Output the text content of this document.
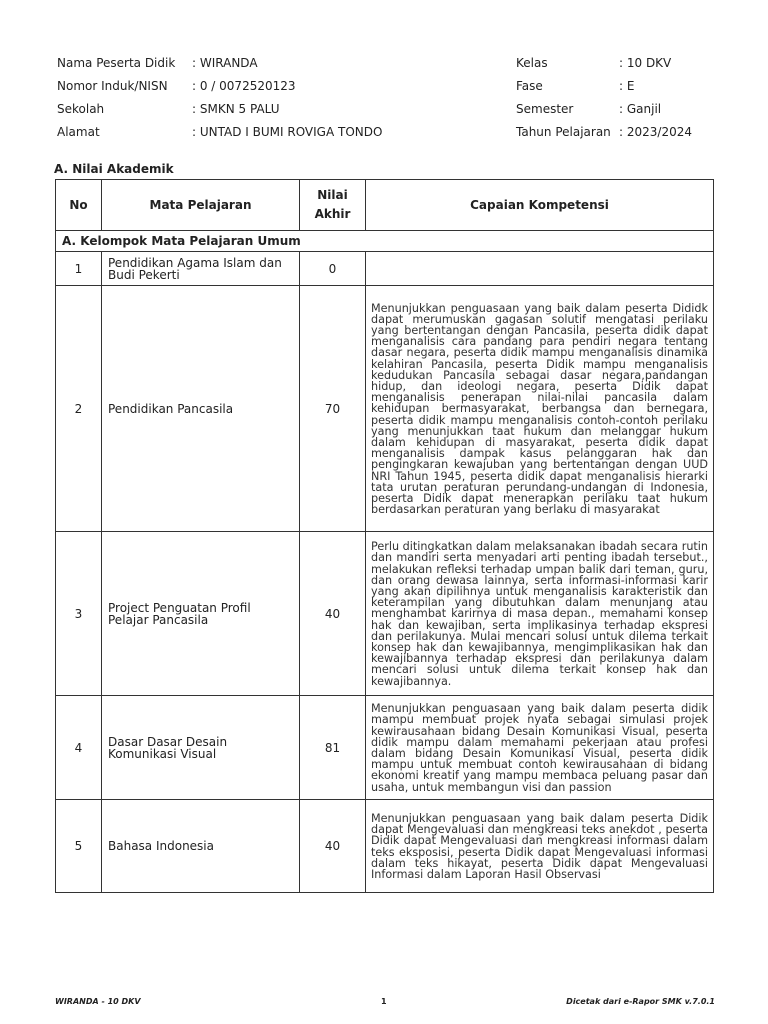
Nama Peserta Didik : WIRANDA	Kelas	: 10 DKV
Nomor Induk/NISN : 0 / 0072520123	Fase	: E
Sekolah	: SMKN 5 PALU	Semester	: Ganjil
Alamat	: UNTAD I BUMI ROVIGA TONDO	Tahun Pelajaran : 2023/2024
A. Nilai Akademik
No	Mata Pelajaran	Nilai Akhir	Capaian Kompetensi
A. Kelompok Mata Pelajaran Umum			
1	Pendidikan Agama Islam dan Budi Pekerti	0	
2	Pendidikan Pancasila	70	Menunjukkan penguasaan yang baik dalam peserta Dididk dapat merumuskan gagasan solutif mengatasi perilaku yang bertentangan dengan Pancasila, peserta didik dapat menganalisis cara pandang para pendiri negara tentang dasar negara, peserta didik mampu menganalisis dinamika kelahiran Pancasila, peserta Didik mampu menganalisis kedudukan Pancasila sebagai dasar negara,pandangan hidup, dan ideologi negara, peserta Didik dapat menganalisis penerapan nilai-nilai pancasila dalam kehidupan bermasyarakat, berbangsa dan bernegara, peserta didik mampu menganalisis contoh-contoh perilaku yang menunjukkan taat hukum dan melanggar hukum dalam kehidupan di masyarakat, peserta didik dapat menganalisis dampak kasus pelanggaran hak dan pengingkaran kewajuban yang bertentangan dengan UUD NRI Tahun 1945, peserta didik dapat menganalisis hierarki tata urutan peraturan perundang-undangan di Indonesia, peserta Didik dapat menerapkan perilaku taat hukum berdasarkan peraturan yang berlaku di masyarakat
3	Project Penguatan Profil Pelajar Pancasila	40	Perlu ditingkatkan dalam melaksanakan ibadah secara rutin dan mandiri serta menyadari arti penting ibadah tersebut., melakukan refleksi terhadap umpan balik dari teman, guru, dan orang dewasa lainnya, serta informasi-informasi karir yang akan dipilihnya untuk menganalisis karakteristik dan keterampilan yang dibutuhkan dalam menunjang atau menghambat karirnya di masa depan., memahami konsep hak dan kewajiban, serta implikasinya terhadap ekspresi dan perilakunya. Mulai mencari solusi untuk dilema terkait konsep hak dan kewajibannya, mengimplikasikan hak dan kewajibannya terhadap ekspresi dan perilakunya dalam mencari solusi untuk dilema terkait konsep hak dan kewajibannya.
4	Dasar Dasar Desain Komunikasi Visual	81	Menunjukkan penguasaan yang baik dalam peserta didik mampu membuat projek nyata sebagai simulasi projek kewirausahaan bidang Desain Komunikasi Visual, peserta didik mampu dalam memahami pekerjaan atau profesi dalam bidang Desain Komunikasi Visual, peserta didik mampu untuk membuat contoh kewirausahaan di bidang ekonomi kreatif yang mampu membaca peluang pasar dan usaha, untuk membangun visi dan passion
5	Bahasa Indonesia	40	Menunjukkan penguasaan yang baik dalam peserta Didik dapat Mengevaluasi dan mengkreasi teks anekdot , peserta Didik dapat Mengevaluasi dan mengkreasi informasi dalam teks eksposisi, peserta Didik dapat Mengevaluasi informasi dalam teks hikayat, peserta Didik dapat Mengevaluasi Informasi dalam Laporan Hasil Observasi
WIRANDA - 10 DKV	1	Dicetak dari e-Rapor SMK v.7.0.1
